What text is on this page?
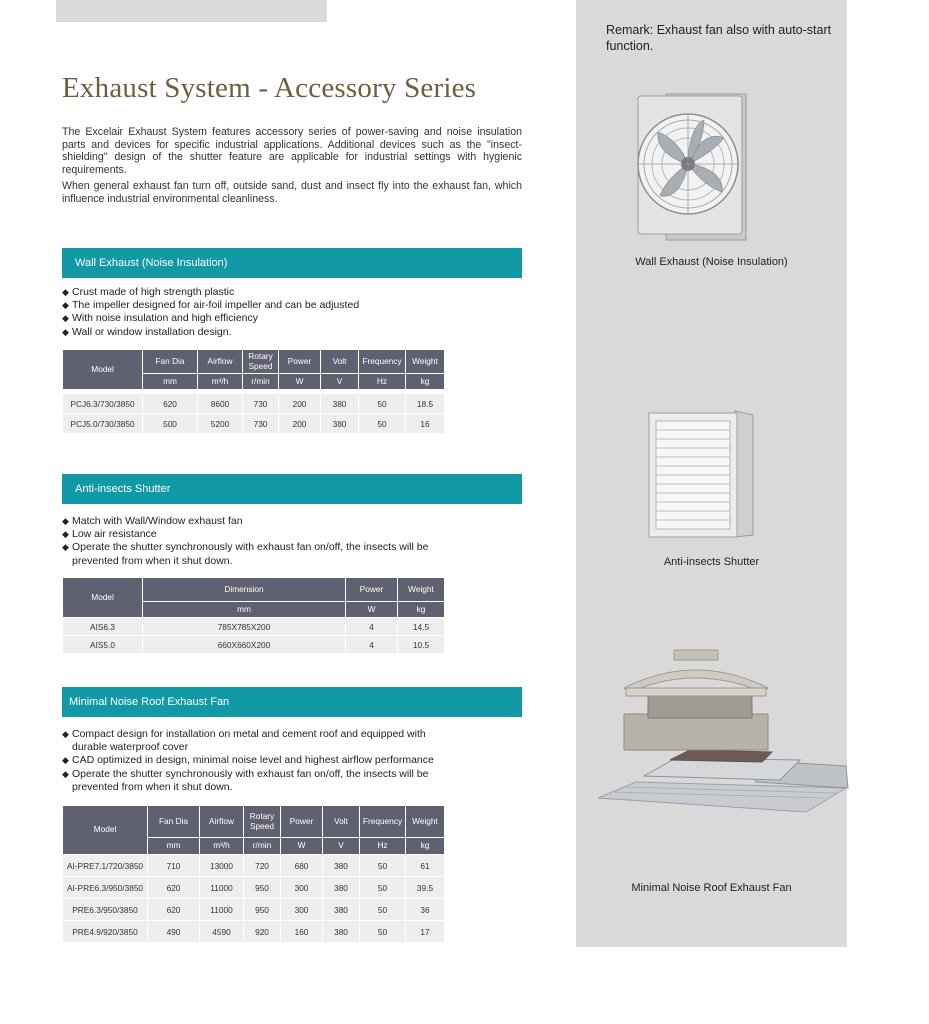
Remark: Exhaust fan also with auto-start function.
Exhaust System - Accessory Series

The Excelair Exhaust System features accessory series of power-saving and noise insulation parts and devices for specific industrial applications. Additional devices such as the "insect-shielding" design of the shutter feature are applicable for industrial settings with hygienic requirements.

When general exhaust fan turn off, outside sand, dust and insect fly into the exhaust fan, which influence industrial environmental cleanliness.

Wall Exhaust (Noise Insulation)
◆ Crust made of high strength plastic
◆ The impeller designed for air-foil impeller and can be adjusted
◆ With noise insulation and high efficiency
◆ Wall or window installation design.
Model	Fan Dia	Airflow	Rotary Speed	Power	Volt	Frequency	Weight
	mm	m³/h	r/min	W	V	Hz	kg

PCJ6.3/730/3850	620	8600	730	200	380	50	18.5
PCJ5.0/730/3850	500	5200	730	200	380	50	16
Anti-insects Shutter
◆ Match with Wall/Window exhaust fan
◆ Low air resistance
◆ Operate the shutter synchronously with exhaust fan on/off, the insects will be prevented from when it shut down.
Model	Dimension	Power	Weight
	mm	W	kg
AIS6.3	785X785X200	4	14.5
AIS5.0	660X660X200	4	10.5
Minimal Noise Roof Exhaust Fan
◆ Compact design for installation on metal and cement roof and equipped with durable waterproof cover
◆ CAD optimized in design, minimal noise level and highest airflow performance
◆ Operate the shutter synchronously with exhaust fan on/off, the insects will be prevented from when it shut down.
Model	Fan Dia	Airflow	Rotary Speed	Power	Volt	Frequency	Weight
	mm	m³/h	r/min	W	V	Hz	kg
AI-PRE7.1/720/3850	710	13000	720	680	380	50	61
AI-PRE6.3/950/3850	620	11000	950	300	380	50	39.5
PRE6.3/950/3850	620	11000	950	300	380	50	36
PRE4.9/920/3850	490	4590	920	160	380	50	17
Wall Exhaust (Noise Insulation)
Anti-insects Shutter
Minimal Noise Roof Exhaust Fan
